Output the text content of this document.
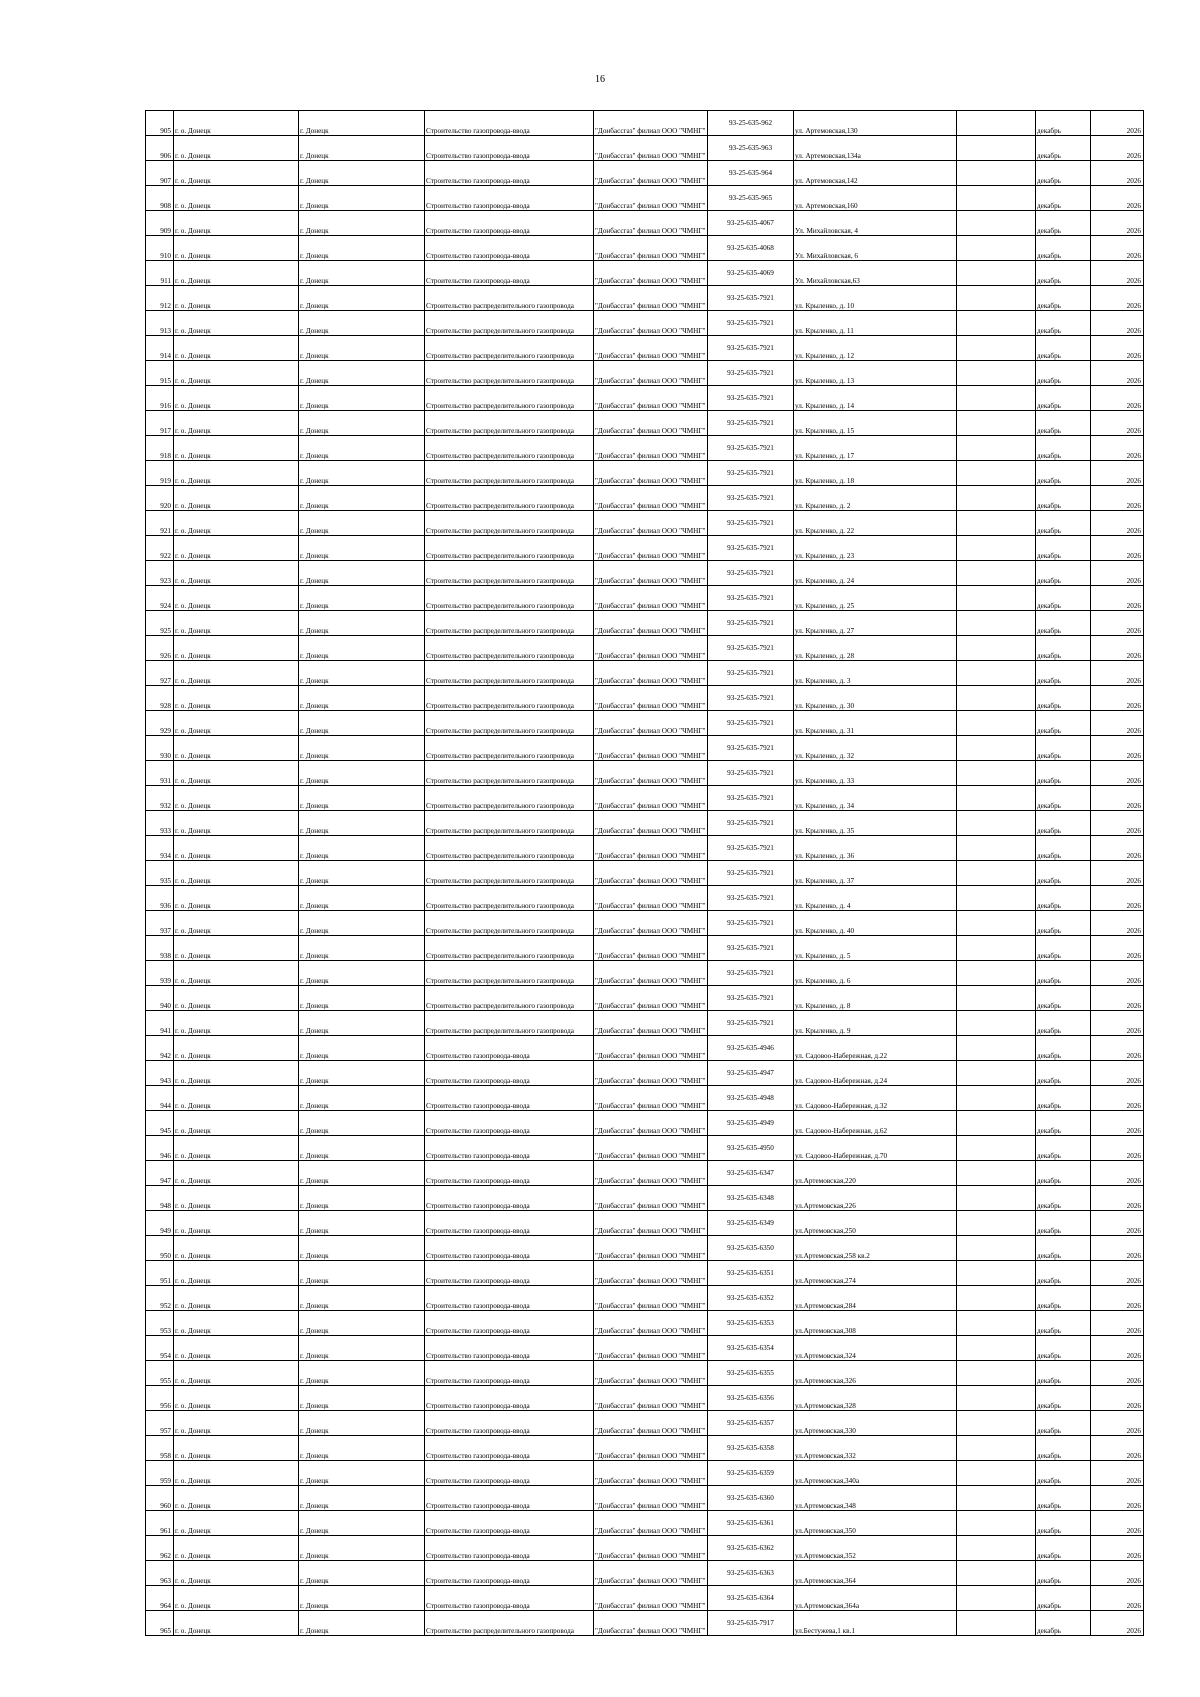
16
905	г. о. Донецк	г. Донецк	Строительство газопровода-ввода	"Донбассгаз" филиал ООО "ЧМНГ"	93-25-635-962	ул. Артемовская,130		декабрь	2026
906	г. о. Донецк	г. Донецк	Строительство газопровода-ввода	"Донбассгаз" филиал ООО "ЧМНГ"	93-25-635-963	ул. Артемовская,134а		декабрь	2026
907	г. о. Донецк	г. Донецк	Строительство газопровода-ввода	"Донбассгаз" филиал ООО "ЧМНГ"	93-25-635-964	ул. Артемовская,142		декабрь	2026
908	г. о. Донецк	г. Донецк	Строительство газопровода-ввода	"Донбассгаз" филиал ООО "ЧМНГ"	93-25-635-965	ул. Артемовская,160		декабрь	2026
909	г. о. Донецк	г. Донецк	Строительство газопровода-ввода	"Донбассгаз" филиал ООО "ЧМНГ"	93-25-635-4067	Ул. Михайловская, 4		декабрь	2026
910	г. о. Донецк	г. Донецк	Строительство газопровода-ввода	"Донбассгаз" филиал ООО "ЧМНГ"	93-25-635-4068	Ул. Михайловская, 6		декабрь	2026
911	г. о. Донецк	г. Донецк	Строительство газопровода-ввода	"Донбассгаз" филиал ООО "ЧМНГ"	93-25-635-4069	Ул. Михайловская,63		декабрь	2026
912	г. о. Донецк	г. Донецк	Строительство распределительного газопровода	"Донбассгаз" филиал ООО "ЧМНГ"	93-25-635-7921	ул. Крыленко, д. 10		декабрь	2026
913	г. о. Донецк	г. Донецк	Строительство распределительного газопровода	"Донбассгаз" филиал ООО "ЧМНГ"	93-25-635-7921	ул. Крыленко, д. 11		декабрь	2026
914	г. о. Донецк	г. Донецк	Строительство распределительного газопровода	"Донбассгаз" филиал ООО "ЧМНГ"	93-25-635-7921	ул. Крыленко, д. 12		декабрь	2026
915	г. о. Донецк	г. Донецк	Строительство распределительного газопровода	"Донбассгаз" филиал ООО "ЧМНГ"	93-25-635-7921	ул. Крыленко, д. 13		декабрь	2026
916	г. о. Донецк	г. Донецк	Строительство распределительного газопровода	"Донбассгаз" филиал ООО "ЧМНГ"	93-25-635-7921	ул. Крыленко, д. 14		декабрь	2026
917	г. о. Донецк	г. Донецк	Строительство распределительного газопровода	"Донбассгаз" филиал ООО "ЧМНГ"	93-25-635-7921	ул. Крыленко, д. 15		декабрь	2026
918	г. о. Донецк	г. Донецк	Строительство распределительного газопровода	"Донбассгаз" филиал ООО "ЧМНГ"	93-25-635-7921	ул. Крыленко, д. 17		декабрь	2026
919	г. о. Донецк	г. Донецк	Строительство распределительного газопровода	"Донбассгаз" филиал ООО "ЧМНГ"	93-25-635-7921	ул. Крыленко, д. 18		декабрь	2026
920	г. о. Донецк	г. Донецк	Строительство распределительного газопровода	"Донбассгаз" филиал ООО "ЧМНГ"	93-25-635-7921	ул. Крыленко, д. 2		декабрь	2026
921	г. о. Донецк	г. Донецк	Строительство распределительного газопровода	"Донбассгаз" филиал ООО "ЧМНГ"	93-25-635-7921	ул. Крыленко, д. 22		декабрь	2026
922	г. о. Донецк	г. Донецк	Строительство распределительного газопровода	"Донбассгаз" филиал ООО "ЧМНГ"	93-25-635-7921	ул. Крыленко, д. 23		декабрь	2026
923	г. о. Донецк	г. Донецк	Строительство распределительного газопровода	"Донбассгаз" филиал ООО "ЧМНГ"	93-25-635-7921	ул. Крыленко, д. 24		декабрь	2026
924	г. о. Донецк	г. Донецк	Строительство распределительного газопровода	"Донбассгаз" филиал ООО "ЧМНГ"	93-25-635-7921	ул. Крыленко, д. 25		декабрь	2026
925	г. о. Донецк	г. Донецк	Строительство распределительного газопровода	"Донбассгаз" филиал ООО "ЧМНГ"	93-25-635-7921	ул. Крыленко, д. 27		декабрь	2026
926	г. о. Донецк	г. Донецк	Строительство распределительного газопровода	"Донбассгаз" филиал ООО "ЧМНГ"	93-25-635-7921	ул. Крыленко, д. 28		декабрь	2026
927	г. о. Донецк	г. Донецк	Строительство распределительного газопровода	"Донбассгаз" филиал ООО "ЧМНГ"	93-25-635-7921	ул. Крыленко, д. 3		декабрь	2026
928	г. о. Донецк	г. Донецк	Строительство распределительного газопровода	"Донбассгаз" филиал ООО "ЧМНГ"	93-25-635-7921	ул. Крыленко, д. 30		декабрь	2026
929	г. о. Донецк	г. Донецк	Строительство распределительного газопровода	"Донбассгаз" филиал ООО "ЧМНГ"	93-25-635-7921	ул. Крыленко, д. 31		декабрь	2026
930	г. о. Донецк	г. Донецк	Строительство распределительного газопровода	"Донбассгаз" филиал ООО "ЧМНГ"	93-25-635-7921	ул. Крыленко, д. 32		декабрь	2026
931	г. о. Донецк	г. Донецк	Строительство распределительного газопровода	"Донбассгаз" филиал ООО "ЧМНГ"	93-25-635-7921	ул. Крыленко, д. 33		декабрь	2026
932	г. о. Донецк	г. Донецк	Строительство распределительного газопровода	"Донбассгаз" филиал ООО "ЧМНГ"	93-25-635-7921	ул. Крыленко, д. 34		декабрь	2026
933	г. о. Донецк	г. Донецк	Строительство распределительного газопровода	"Донбассгаз" филиал ООО "ЧМНГ"	93-25-635-7921	ул. Крыленко, д. 35		декабрь	2026
934	г. о. Донецк	г. Донецк	Строительство распределительного газопровода	"Донбассгаз" филиал ООО "ЧМНГ"	93-25-635-7921	ул. Крыленко, д. 36		декабрь	2026
935	г. о. Донецк	г. Донецк	Строительство распределительного газопровода	"Донбассгаз" филиал ООО "ЧМНГ"	93-25-635-7921	ул. Крыленко, д. 37		декабрь	2026
936	г. о. Донецк	г. Донецк	Строительство распределительного газопровода	"Донбассгаз" филиал ООО "ЧМНГ"	93-25-635-7921	ул. Крыленко, д. 4		декабрь	2026
937	г. о. Донецк	г. Донецк	Строительство распределительного газопровода	"Донбассгаз" филиал ООО "ЧМНГ"	93-25-635-7921	ул. Крыленко, д. 40		декабрь	2026
938	г. о. Донецк	г. Донецк	Строительство распределительного газопровода	"Донбассгаз" филиал ООО "ЧМНГ"	93-25-635-7921	ул. Крыленко, д. 5		декабрь	2026
939	г. о. Донецк	г. Донецк	Строительство распределительного газопровода	"Донбассгаз" филиал ООО "ЧМНГ"	93-25-635-7921	ул. Крыленко, д. 6		декабрь	2026
940	г. о. Донецк	г. Донецк	Строительство распределительного газопровода	"Донбассгаз" филиал ООО "ЧМНГ"	93-25-635-7921	ул. Крыленко, д. 8		декабрь	2026
941	г. о. Донецк	г. Донецк	Строительство распределительного газопровода	"Донбассгаз" филиал ООО "ЧМНГ"	93-25-635-7921	ул. Крыленко, д. 9		декабрь	2026
942	г. о. Донецк	г. Донецк	Строительство газопровода-ввода	"Донбассгаз" филиал ООО "ЧМНГ"	93-25-635-4946	ул. Садовоо-Набережная, д.22		декабрь	2026
943	г. о. Донецк	г. Донецк	Строительство газопровода-ввода	"Донбассгаз" филиал ООО "ЧМНГ"	93-25-635-4947	ул. Садовоо-Набережная, д.24		декабрь	2026
944	г. о. Донецк	г. Донецк	Строительство газопровода-ввода	"Донбассгаз" филиал ООО "ЧМНГ"	93-25-635-4948	ул. Садовоо-Набережная, д.32		декабрь	2026
945	г. о. Донецк	г. Донецк	Строительство газопровода-ввода	"Донбассгаз" филиал ООО "ЧМНГ"	93-25-635-4949	ул. Садовоо-Набережная, д.62		декабрь	2026
946	г. о. Донецк	г. Донецк	Строительство газопровода-ввода	"Донбассгаз" филиал ООО "ЧМНГ"	93-25-635-4950	ул. Садовоо-Набережная, д.70		декабрь	2026
947	г. о. Донецк	г. Донецк	Строительство газопровода-ввода	"Донбассгаз" филиал ООО "ЧМНГ"	93-25-635-6347	ул.Артемовская,220		декабрь	2026
948	г. о. Донецк	г. Донецк	Строительство газопровода-ввода	"Донбассгаз" филиал ООО "ЧМНГ"	93-25-635-6348	ул.Артемовская,226		декабрь	2026
949	г. о. Донецк	г. Донецк	Строительство газопровода-ввода	"Донбассгаз" филиал ООО "ЧМНГ"	93-25-635-6349	ул.Артемовская,250		декабрь	2026
950	г. о. Донецк	г. Донецк	Строительство газопровода-ввода	"Донбассгаз" филиал ООО "ЧМНГ"	93-25-635-6350	ул.Артемовская,258 кв.2		декабрь	2026
951	г. о. Донецк	г. Донецк	Строительство газопровода-ввода	"Донбассгаз" филиал ООО "ЧМНГ"	93-25-635-6351	ул.Артемовская,274		декабрь	2026
952	г. о. Донецк	г. Донецк	Строительство газопровода-ввода	"Донбассгаз" филиал ООО "ЧМНГ"	93-25-635-6352	ул.Артемовская,284		декабрь	2026
953	г. о. Донецк	г. Донецк	Строительство газопровода-ввода	"Донбассгаз" филиал ООО "ЧМНГ"	93-25-635-6353	ул.Артемовская,308		декабрь	2026
954	г. о. Донецк	г. Донецк	Строительство газопровода-ввода	"Донбассгаз" филиал ООО "ЧМНГ"	93-25-635-6354	ул.Артемовская,324		декабрь	2026
955	г. о. Донецк	г. Донецк	Строительство газопровода-ввода	"Донбассгаз" филиал ООО "ЧМНГ"	93-25-635-6355	ул.Артемовская,326		декабрь	2026
956	г. о. Донецк	г. Донецк	Строительство газопровода-ввода	"Донбассгаз" филиал ООО "ЧМНГ"	93-25-635-6356	ул.Артемовская,328		декабрь	2026
957	г. о. Донецк	г. Донецк	Строительство газопровода-ввода	"Донбассгаз" филиал ООО "ЧМНГ"	93-25-635-6357	ул.Артемовская,330		декабрь	2026
958	г. о. Донецк	г. Донецк	Строительство газопровода-ввода	"Донбассгаз" филиал ООО "ЧМНГ"	93-25-635-6358	ул.Артемовская,332		декабрь	2026
959	г. о. Донецк	г. Донецк	Строительство газопровода-ввода	"Донбассгаз" филиал ООО "ЧМНГ"	93-25-635-6359	ул.Артемовская,340а		декабрь	2026
960	г. о. Донецк	г. Донецк	Строительство газопровода-ввода	"Донбассгаз" филиал ООО "ЧМНГ"	93-25-635-6360	ул.Артемовская,348		декабрь	2026
961	г. о. Донецк	г. Донецк	Строительство газопровода-ввода	"Донбассгаз" филиал ООО "ЧМНГ"	93-25-635-6361	ул.Артемовская,350		декабрь	2026
962	г. о. Донецк	г. Донецк	Строительство газопровода-ввода	"Донбассгаз" филиал ООО "ЧМНГ"	93-25-635-6362	ул.Артемовская,352		декабрь	2026
963	г. о. Донецк	г. Донецк	Строительство газопровода-ввода	"Донбассгаз" филиал ООО "ЧМНГ"	93-25-635-6363	ул.Артемовская,364		декабрь	2026
964	г. о. Донецк	г. Донецк	Строительство газопровода-ввода	"Донбассгаз" филиал ООО "ЧМНГ"	93-25-635-6364	ул.Артемовская,364а		декабрь	2026
965	г. о. Донецк	г. Донецк	Строительство распределительного газопровода	"Донбассгаз" филиал ООО "ЧМНГ"	93-25-635-7917	ул.Бестужева,1 кв.1		декабрь	2026
